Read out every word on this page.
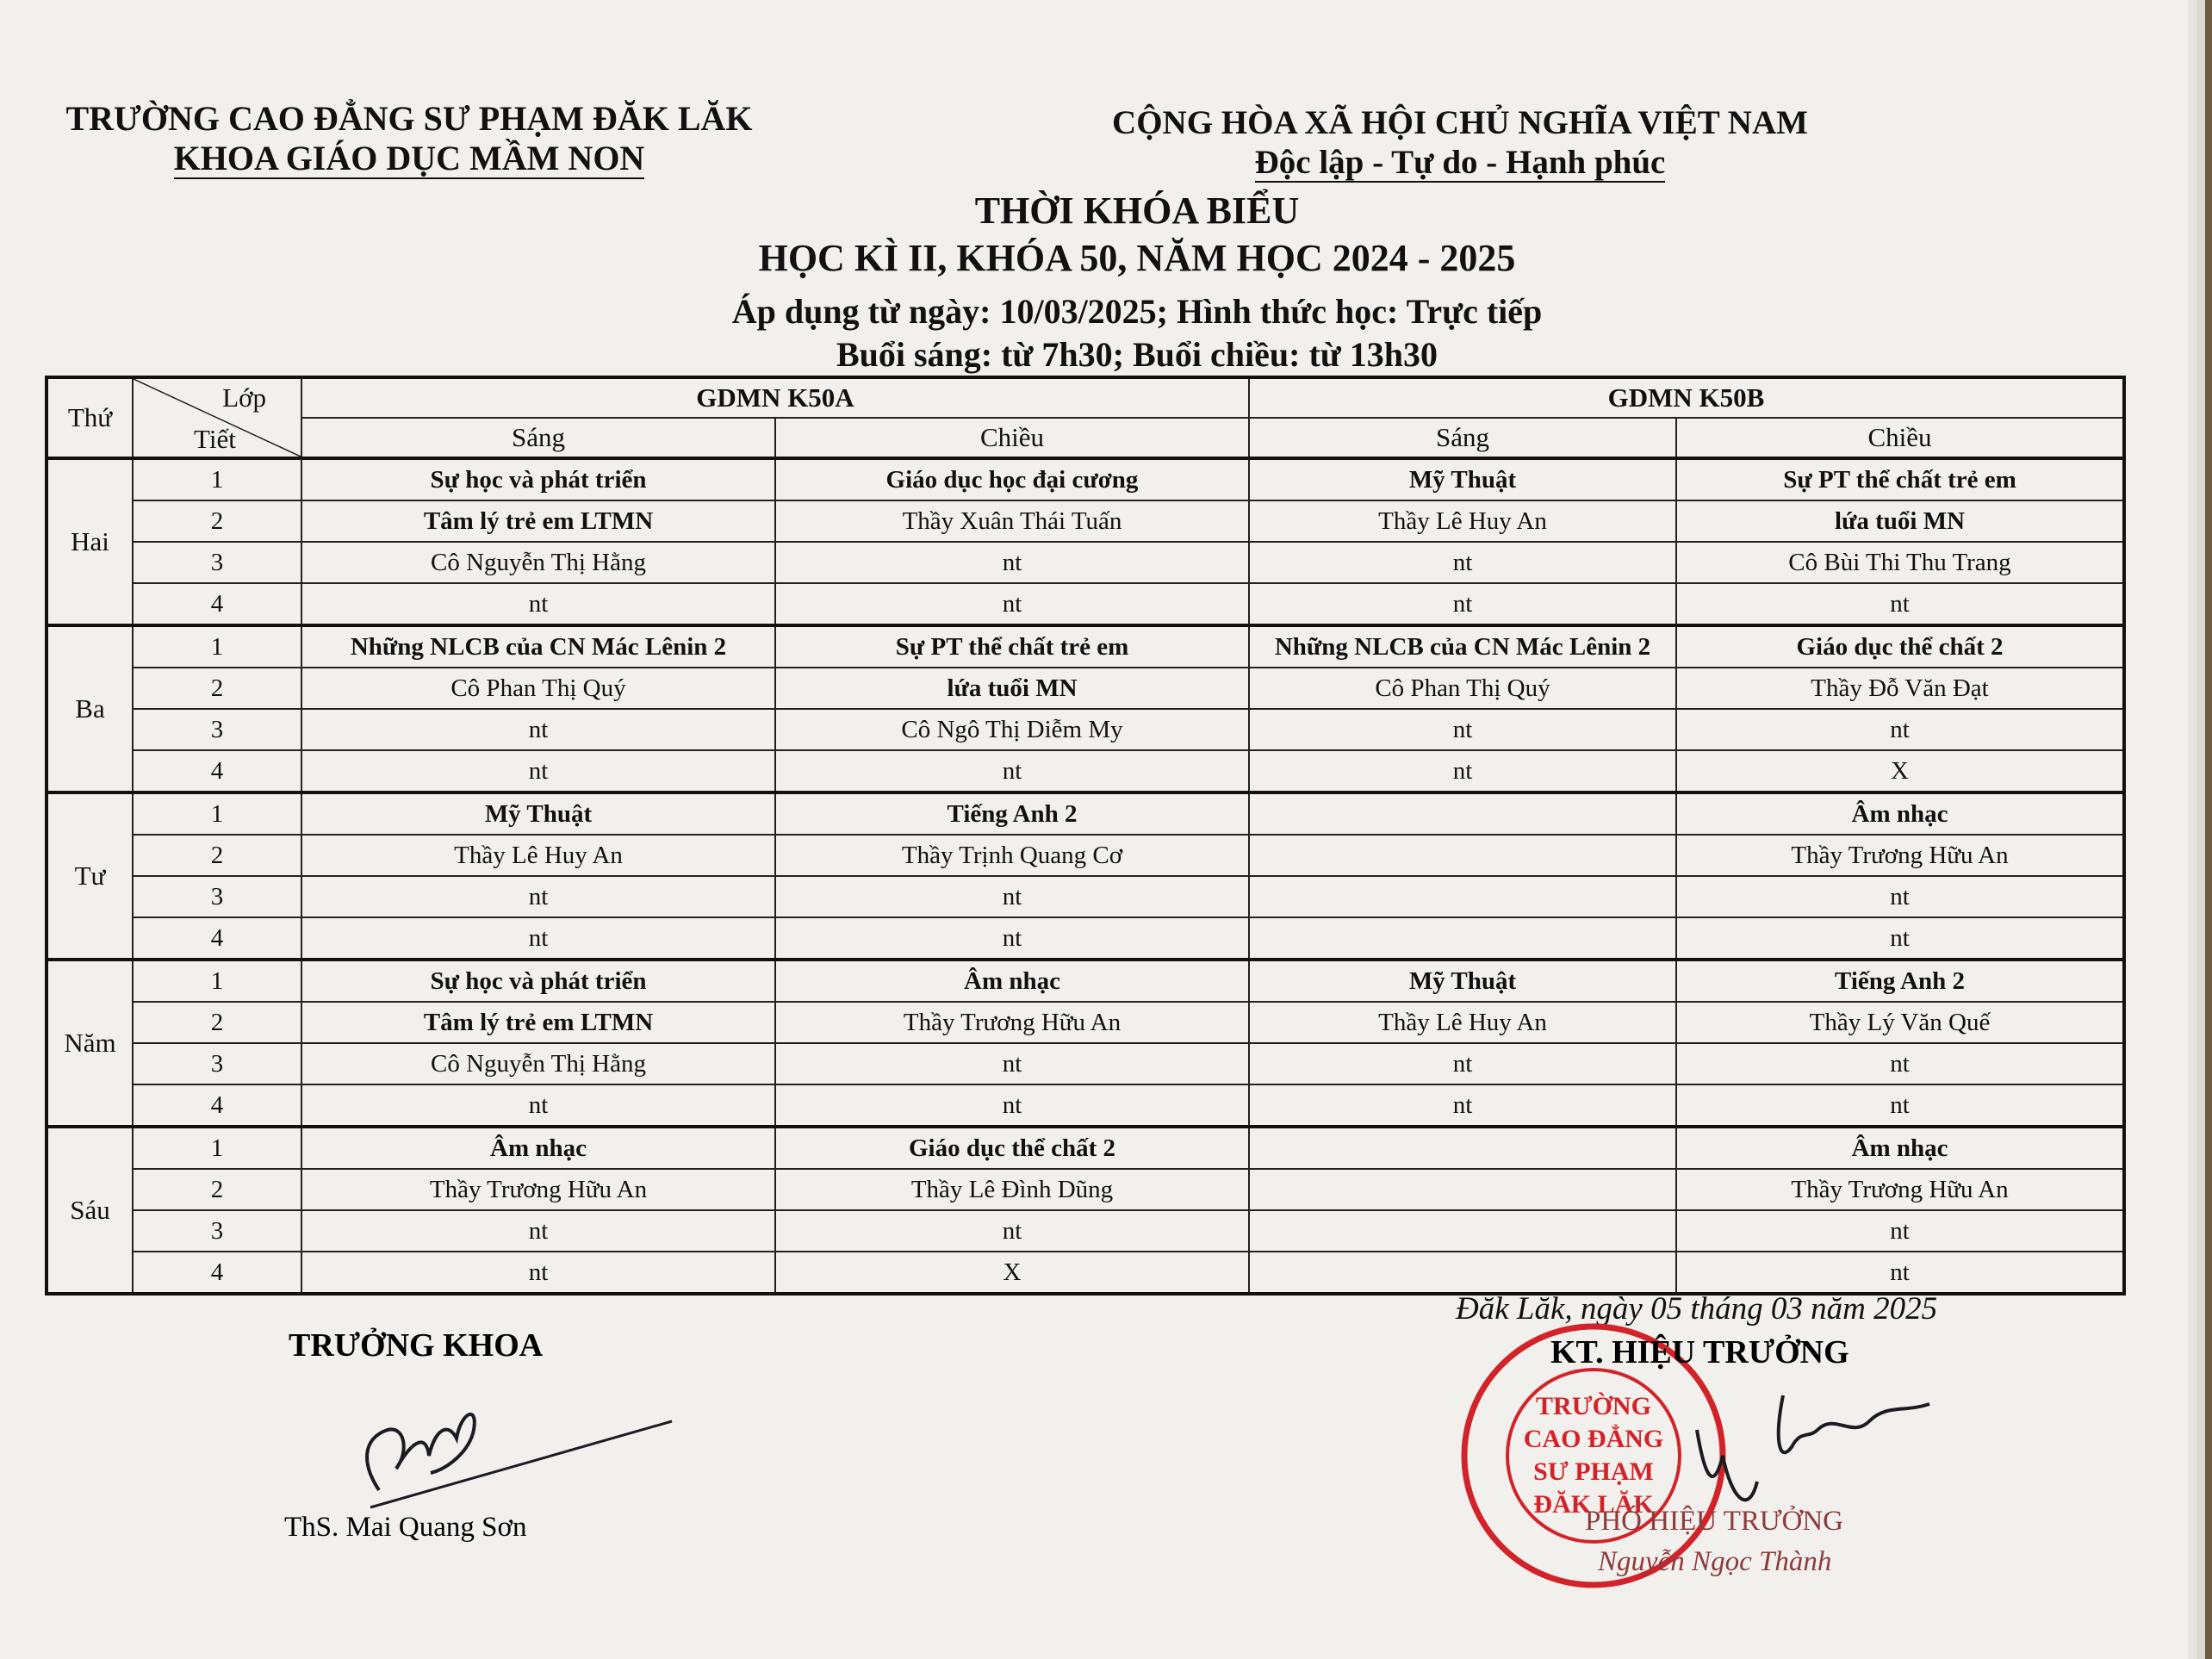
TRƯỜNG CAO ĐẲNG SƯ PHẠM ĐĂK LĂK
KHOA GIÁO DỤC MẦM NON
CỘNG HÒA XÃ HỘI CHỦ NGHĨA VIỆT NAM
Độc lập - Tự do - Hạnh phúc
THỜI KHÓA BIỂU
HỌC KÌ II, KHÓA 50, NĂM HỌC 2024 - 2025
Áp dụng từ ngày: 10/03/2025; Hình thức học: Trực tiếp
Buổi sáng: từ 7h30; Buổi chiều: từ 13h30
Thứ	Lớp
Tiết	GDMN K50A		GDMN K50B	
		Sáng	Chiều	Sáng	Chiều
Hai	1	Sự học và phát triển	Giáo dục học đại cương	Mỹ Thuật	Sự PT thể chất trẻ em
	2	Tâm lý trẻ em LTMN	Thầy Xuân Thái Tuấn	Thầy Lê Huy An	lứa tuổi MN
	3	Cô Nguyễn Thị Hằng	nt	nt	Cô Bùi Thi Thu Trang
	4	nt	nt	nt	nt
Ba	1	Những NLCB của CN Mác Lênin 2	Sự PT thể chất trẻ em	Những NLCB của CN Mác Lênin 2	Giáo dục thể chất 2
	2	Cô Phan Thị Quý	lứa tuổi MN	Cô Phan Thị Quý	Thầy Đỗ Văn Đạt
	3	nt	Cô Ngô Thị Diễm My	nt	nt
	4	nt	nt	nt	X
Tư	1	Mỹ Thuật	Tiếng Anh 2		Âm nhạc
	2	Thầy Lê Huy An	Thầy Trịnh Quang Cơ		Thầy Trương Hữu An
	3	nt	nt		nt
	4	nt	nt		nt
Năm	1	Sự học và phát triển	Âm nhạc	Mỹ Thuật	Tiếng Anh 2
	2	Tâm lý trẻ em LTMN	Thầy Trương Hữu An	Thầy Lê Huy An	Thầy Lý Văn Quế
	3	Cô Nguyễn Thị Hằng	nt	nt	nt
	4	nt	nt	nt	nt
Sáu	1	Âm nhạc	Giáo dục thể chất 2		Âm nhạc
	2	Thầy Trương Hữu An	Thầy Lê Đình Dũng		Thầy Trương Hữu An
	3	nt	nt		nt
	4	nt	X		nt
Đăk Lăk, ngày 05 tháng 03 năm 2025
TRƯỞNG KHOA
ThS. Mai Quang Sơn
TRƯỜNG
CAO ĐẲNG
SƯ PHẠM
ĐĂK LĂK
KT. HIỆU TRƯỞNG
PHÓ HIỆU TRƯỞNG
Nguyễn Ngọc Thành
